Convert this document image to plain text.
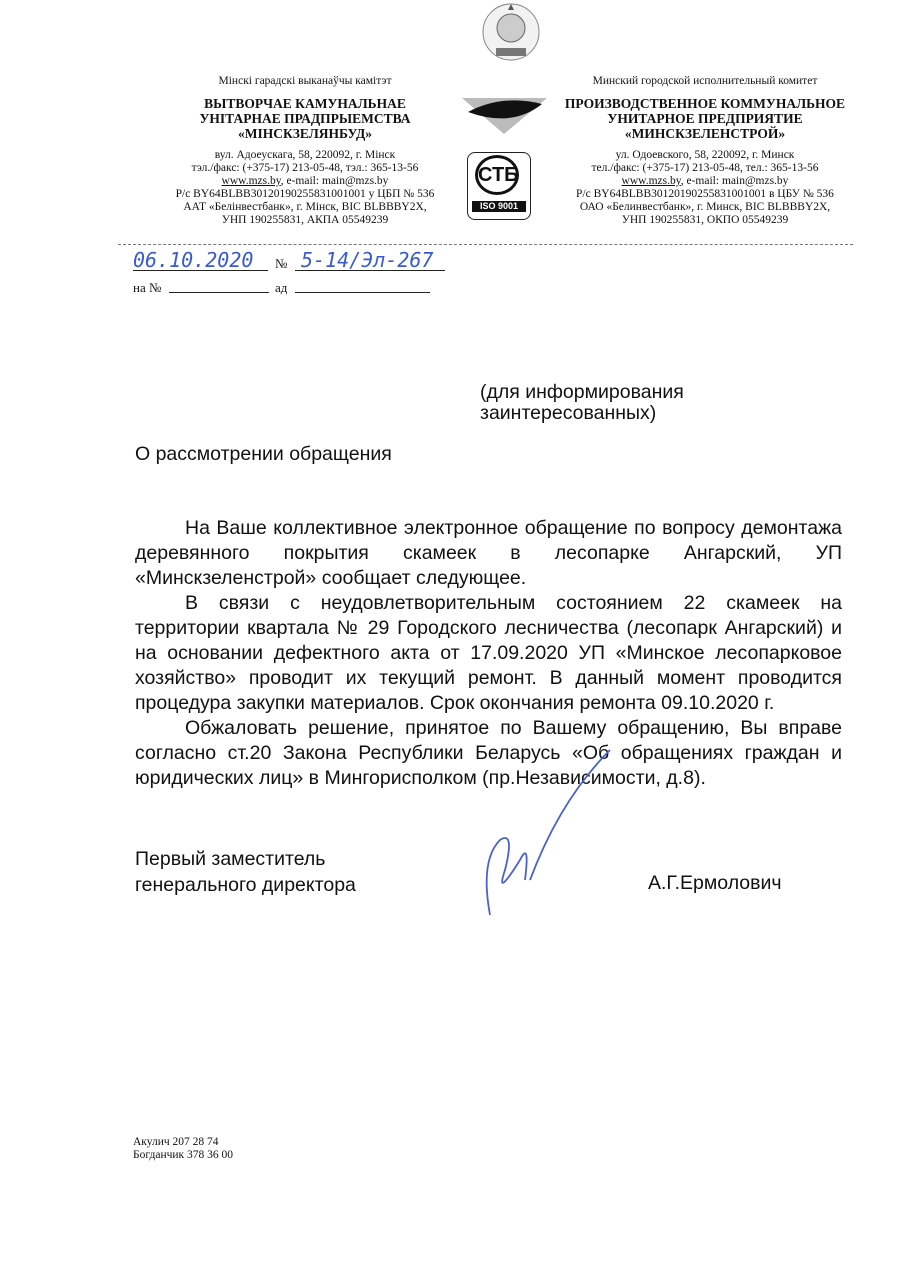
Мінскі гарадскі выканаўчы камітэт
ВЫТВОРЧАЕ КАМУНАЛЬНАЕ
УНІТАРНАЕ ПРАДПРЫЕМСТВА
«МІНСКЗЕЛЯНБУД»
вул. Адоеускага, 58, 220092, г. Мінск
тэл./факс: (+375-17) 213-05-48, тэл.: 365-13-56
www.mzs.by, e-mail: main@mzs.by
Р/с BY64BLBB30120190255831001001 у ЦБП № 536
ААТ «Белінвестбанк», г. Мінск, BIC BLBBBY2X,
УНП 190255831, АКПА 05549239
СТБ
ISO 9001
Минский городской исполнительный комитет
ПРОИЗВОДСТВЕННОЕ КОММУНАЛЬНОЕ
УНИТАРНОЕ ПРЕДПРИЯТИЕ
«МИНСКЗЕЛЕНСТРОЙ»
ул. Одоевского, 58, 220092, г. Минск
тел./факс: (+375-17) 213-05-48, тел.: 365-13-56
www.mzs.by, e-mail: main@mzs.by
Р/с BY64BLBB30120190255831001001 в ЦБУ № 536
ОАО «Белинвестбанк», г. Минск, BIC BLBBBY2X,
УНП 190255831, ОКПО 05549239
06.10.2020 № 5-14/Эл-267
на №	ад
(для информирования
заинтересованных)
О рассмотрении обращения

На Ваше коллективное электронное обращение по вопросу демонтажа деревянного покрытия скамеек в лесопарке Ангарский, УП «Минскзеленстрой» сообщает следующее.

В связи с неудовлетворительным состоянием 22 скамеек на территории квартала № 29 Городского лесничества (лесопарк Ангарский) и на основании дефектного акта от 17.09.2020 УП «Минское лесопарковое хозяйство» проводит их текущий ремонт. В данный момент проводится процедура закупки материалов. Срок окончания ремонта 09.10.2020 г.

Обжаловать решение, принятое по Вашему обращению, Вы вправе согласно ст.20 Закона Республики Беларусь «Об обращениях граждан и юридических лиц» в Мингорисполком (пр.Независимости, д.8).

Первый заместитель
генерального директора	А.Г.Ермолович
Акулич 207 28 74
Богданчик 378 36 00
